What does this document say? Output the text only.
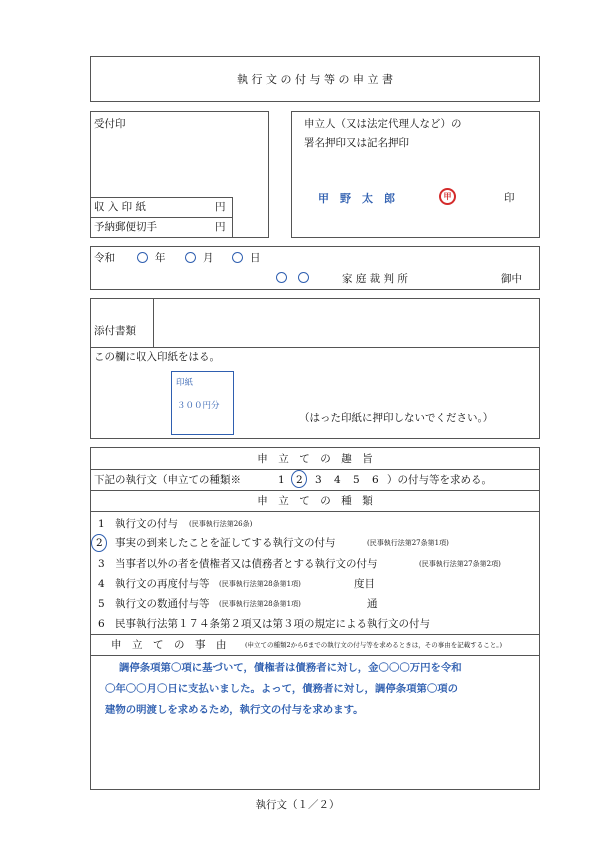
執 行 文 の 付 与 等 の 申 立 書
受付印
収 入 印 紙	円
予納郵便切手	円
申立人（又は法定代理人など）の
署名押印又は記名押印
甲　野　太　郎	甲	印
令和	年	月	日
家 庭 裁 判 所	御中
添付書類
この欄に収入印紙をはる。
印紙
３００円分
（はった印紙に押印しないでください。）
申　立　て　の　趣　旨
下記の執行文（申立ての種類※	1 2 3 4 5 6 ）の付与等を求める。
申　立　て　の　種　類
1 執行文の付与 (民事執行法第26条)
2 事実の到来したことを証してする執行文の付与	(民事執行法第27条第1項)
3 当事者以外の者を債権者又は債務者とする執行文の付与	(民事執行法第27条第2項)
4 執行文の再度付与等 (民事執行法第28条第1項)	度目
5 執行文の数通付与等 (民事執行法第28条第1項)	通
6 民事執行法第１７４条第２項又は第３項の規定による執行文の付与
申　立　て　の　事　由	(申立ての種類2から6までの執行文の付与等を求めるときは，その事由を記載すること。)
調停条項第〇項に基づいて，債権者は債務者に対し，金〇〇〇万円を令和
〇年〇〇月〇日に支払いました。よって，債務者に対し，調停条項第〇項の
建物の明渡しを求めるため，執行文の付与を求めます。
執行文（１／２）
